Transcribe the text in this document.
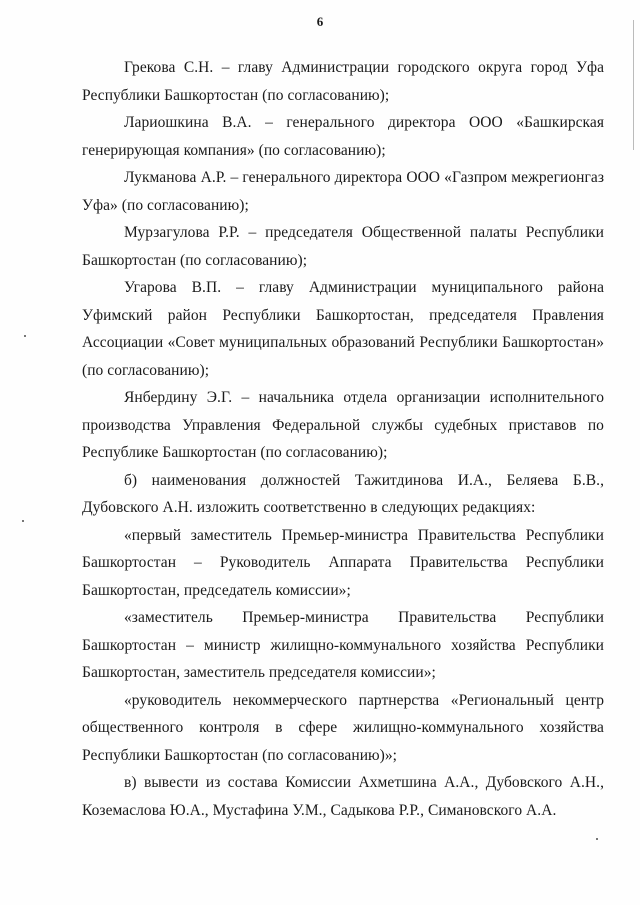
6

Грекова С.Н. – главу Администрации городского округа город Уфа Республики Башкортостан (по согласованию);

Лариошкина В.А. – генерального директора ООО «Башкирская генерирующая компания» (по согласованию);

Лукманова А.Р. – генерального директора ООО «Газпром межрегионгаз Уфа» (по согласованию);

Мурзагулова Р.Р. – председателя Общественной палаты Республики Башкортостан (по согласованию);

Угарова В.П. – главу Администрации муниципального района Уфимский район Республики Башкортостан, председателя Правления Ассоциации «Совет муниципальных образований Республики Башкортостан» (по согласованию);

Янбердину Э.Г. – начальника отдела организации исполнительного производства Управления Федеральной службы судебных приставов по Республике Башкортостан (по согласованию);

б) наименования должностей Тажитдинова И.А., Беляева Б.В., Дубовского А.Н. изложить соответственно в следующих редакциях:

«первый заместитель Премьер-министра Правительства Республики Башкортостан – Руководитель Аппарата Правительства Республики Башкортостан, председатель комиссии»;

«заместитель Премьер-министра Правительства Республики Башкортостан – министр жилищно-коммунального хозяйства Республики Башкортостан, заместитель председателя комиссии»;

«руководитель некоммерческого партнерства «Региональный центр общественного контроля в сфере жилищно-коммунального хозяйства Республики Башкортостан (по согласованию)»;

в) вывести из состава Комиссии Ахметшина А.А., Дубовского А.Н., Коземаслова Ю.А., Мустафина У.М., Садыкова Р.Р., Симановского А.А.
